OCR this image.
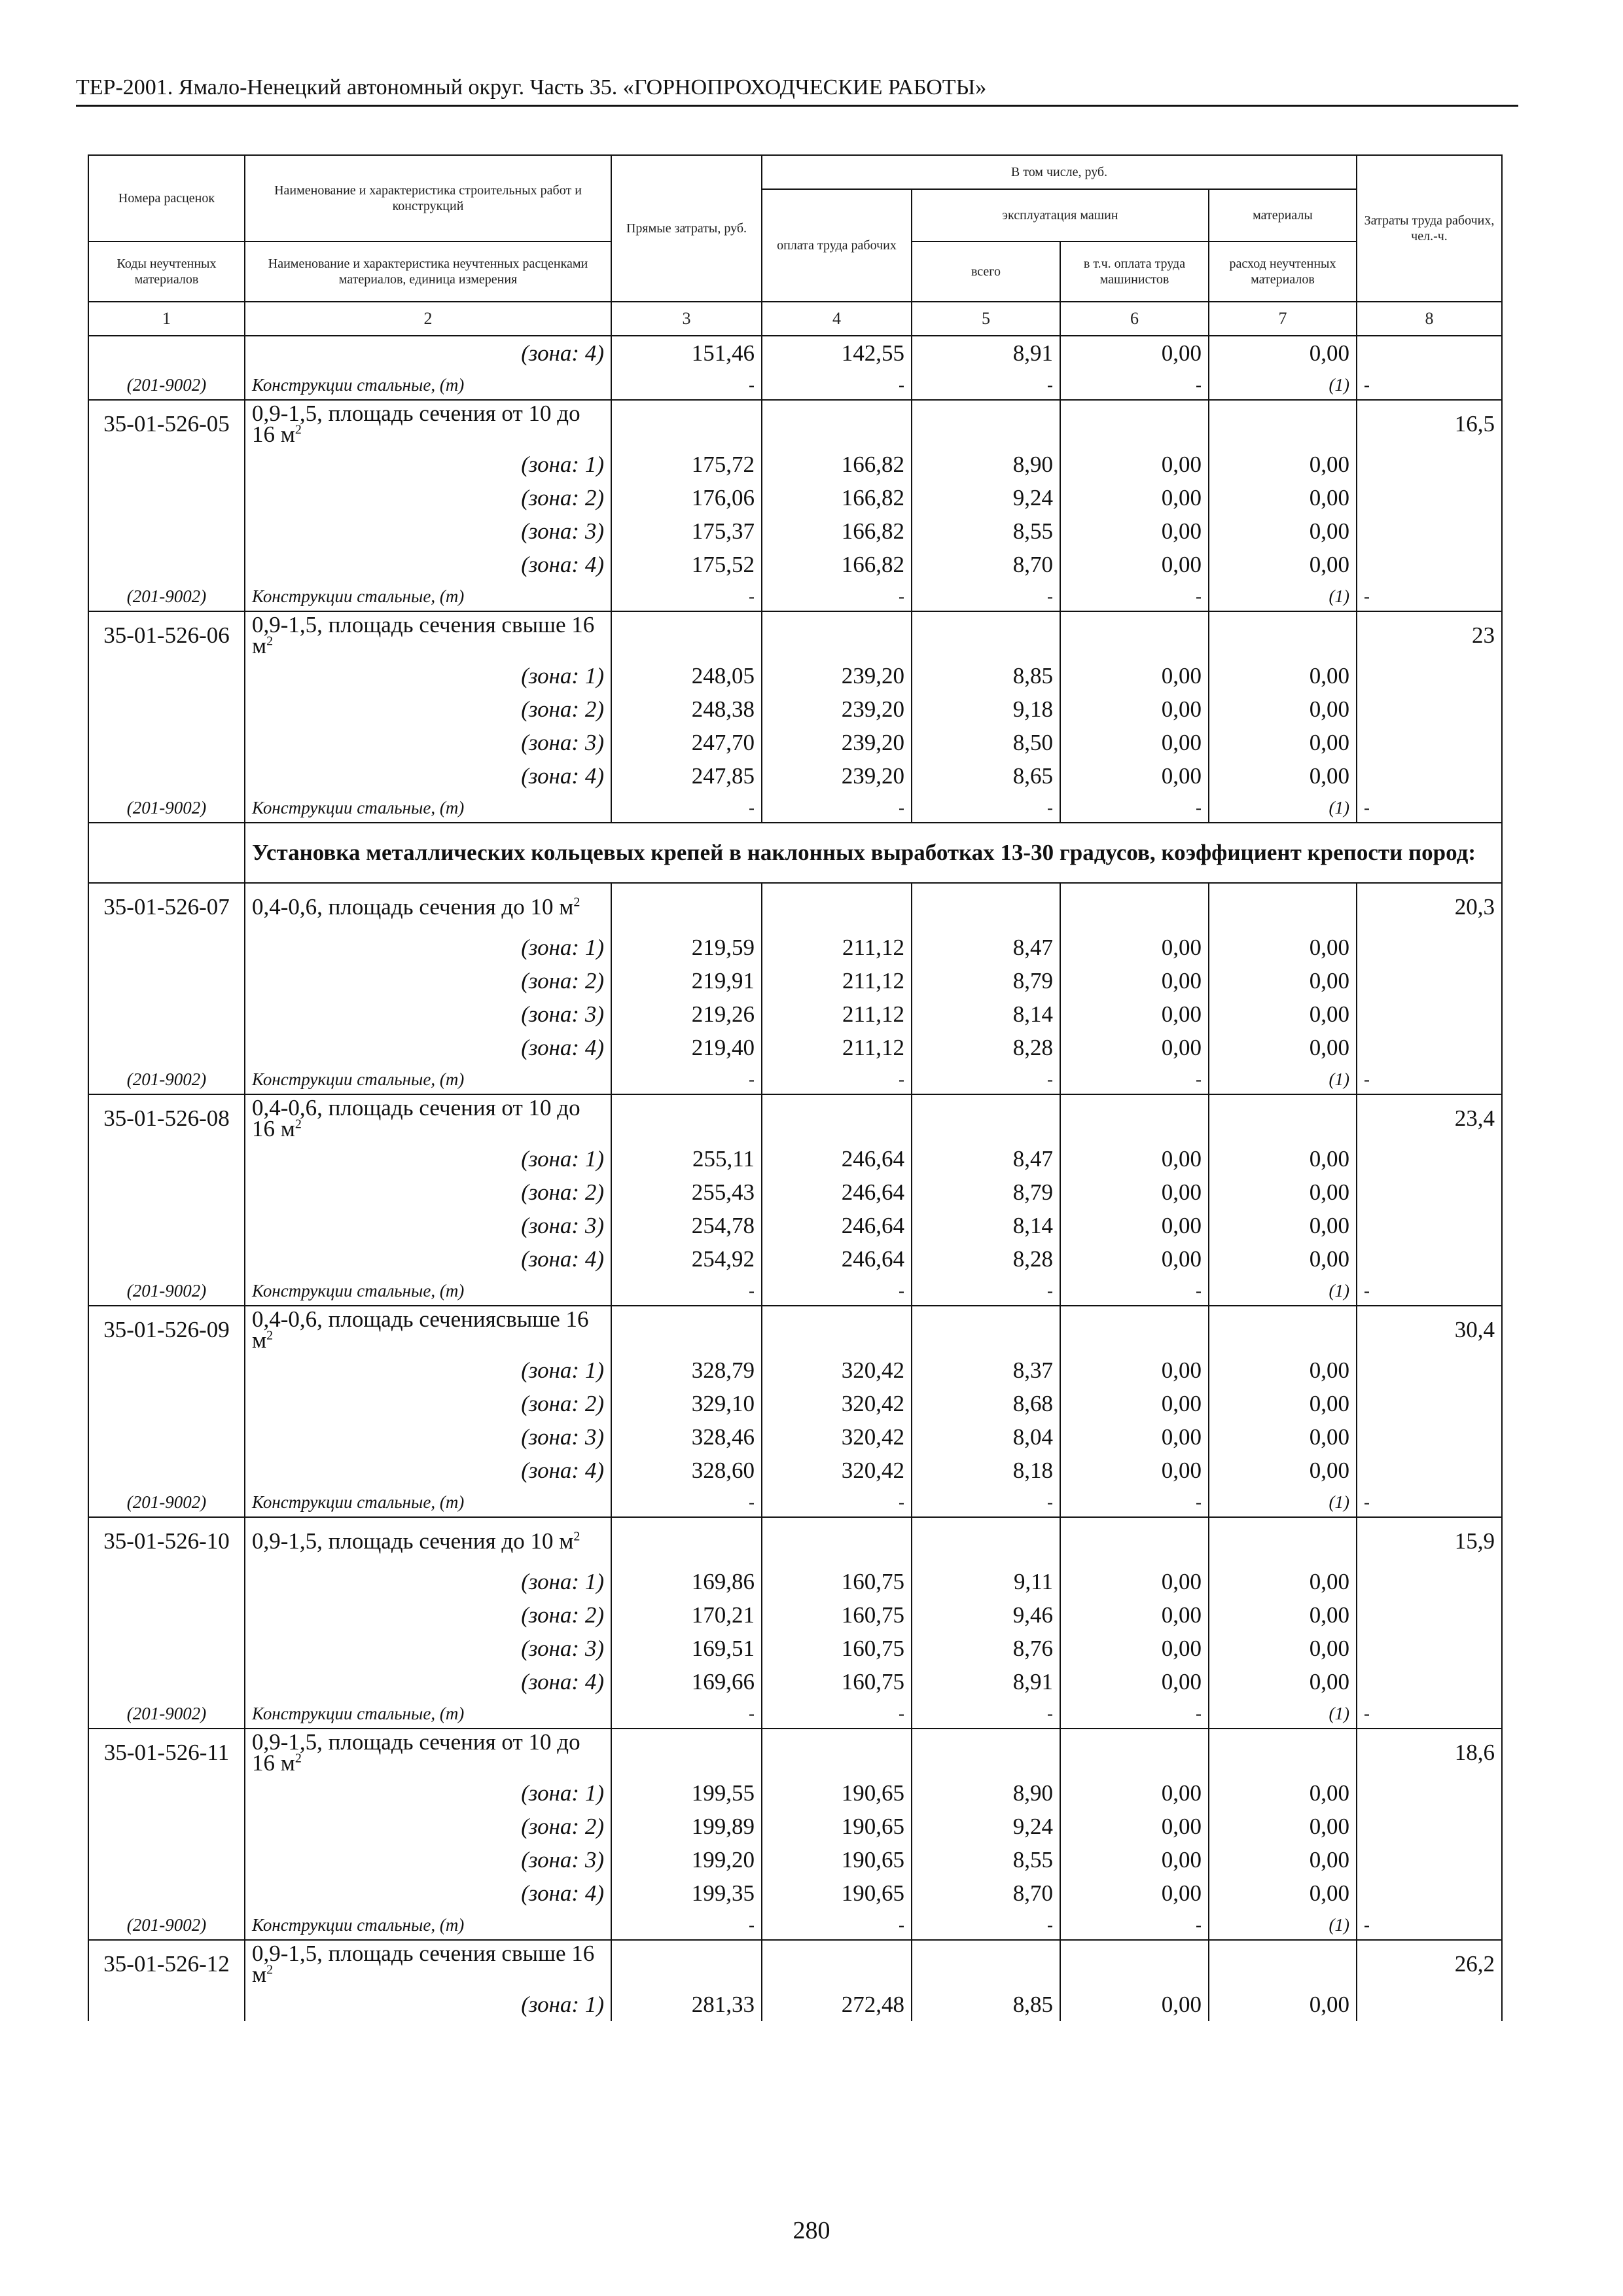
ТЕР-2001. Ямало-Ненецкий автономный округ. Часть 35. «ГОРНОПРОХОДЧЕСКИЕ РАБОТЫ»
Номера расценок	Наименование и характеристика строительных работ и конструкций	Прямые затраты, руб.	В том числе, руб.				Затраты труда рабочих, чел.-ч.
			оплата труда рабочих	эксплуатация машин		материалы	
Коды неучтенных материалов	Наименование и характеристика неучтенных расценками материалов, единица измерения			всего	в т.ч. оплата труда машинистов	расход неучтенных материалов	

1	2	3	4	5	6	7	8
	(зона: 4)	151,46	142,55	8,91	0,00	0,00	
(201-9002)	Конструкции стальные, (т)	-	-	-	-	(1)	-
35-01-526-05	0,9-1,5, площадь сечения от 10 до 16 $м^2$						16,5
	(зона: 1)	175,72	166,82	8,90	0,00	0,00	
	(зона: 2)	176,06	166,82	9,24	0,00	0,00	
	(зона: 3)	175,37	166,82	8,55	0,00	0,00	
	(зона: 4)	175,52	166,82	8,70	0,00	0,00	
(201-9002)	Конструкции стальные, (т)	-	-	-	-	(1)	-
35-01-526-06	0,9-1,5, площадь сечения свыше 16 $м^2$						23
	(зона: 1)	248,05	239,20	8,85	0,00	0,00	
	(зона: 2)	248,38	239,20	9,18	0,00	0,00	
	(зона: 3)	247,70	239,20	8,50	0,00	0,00	
	(зона: 4)	247,85	239,20	8,65	0,00	0,00	
(201-9002)	Конструкции стальные, (т)	-	-	-	-	(1)	-
	Установка металлических кольцевых крепей в наклонных выработках 13-30 градусов, коэффициент крепости пород:						
35-01-526-07	0,4-0,6, площадь сечения до 10 $м^2$						20,3
	(зона: 1)	219,59	211,12	8,47	0,00	0,00	
	(зона: 2)	219,91	211,12	8,79	0,00	0,00	
	(зона: 3)	219,26	211,12	8,14	0,00	0,00	
	(зона: 4)	219,40	211,12	8,28	0,00	0,00	
(201-9002)	Конструкции стальные, (т)	-	-	-	-	(1)	-
35-01-526-08	0,4-0,6, площадь сечения от 10 до 16 $м^2$						23,4
	(зона: 1)	255,11	246,64	8,47	0,00	0,00	
	(зона: 2)	255,43	246,64	8,79	0,00	0,00	
	(зона: 3)	254,78	246,64	8,14	0,00	0,00	
	(зона: 4)	254,92	246,64	8,28	0,00	0,00	
(201-9002)	Конструкции стальные, (т)	-	-	-	-	(1)	-
35-01-526-09	0,4-0,6, площадь сечениясвыше 16 $м^2$						30,4
	(зона: 1)	328,79	320,42	8,37	0,00	0,00	
	(зона: 2)	329,10	320,42	8,68	0,00	0,00	
	(зона: 3)	328,46	320,42	8,04	0,00	0,00	
	(зона: 4)	328,60	320,42	8,18	0,00	0,00	
(201-9002)	Конструкции стальные, (т)	-	-	-	-	(1)	-
35-01-526-10	0,9-1,5, площадь сечения до 10 $м^2$						15,9
	(зона: 1)	169,86	160,75	9,11	0,00	0,00	
	(зона: 2)	170,21	160,75	9,46	0,00	0,00	
	(зона: 3)	169,51	160,75	8,76	0,00	0,00	
	(зона: 4)	169,66	160,75	8,91	0,00	0,00	
(201-9002)	Конструкции стальные, (т)	-	-	-	-	(1)	-
35-01-526-11	0,9-1,5, площадь сечения от 10 до 16 $м^2$						18,6
	(зона: 1)	199,55	190,65	8,90	0,00	0,00	
	(зона: 2)	199,89	190,65	9,24	0,00	0,00	
	(зона: 3)	199,20	190,65	8,55	0,00	0,00	
	(зона: 4)	199,35	190,65	8,70	0,00	0,00	
(201-9002)	Конструкции стальные, (т)	-	-	-	-	(1)	-
35-01-526-12	0,9-1,5, площадь сечения свыше 16 $м^2$						26,2
	(зона: 1)	281,33	272,48	8,85	0,00	0,00	
280
